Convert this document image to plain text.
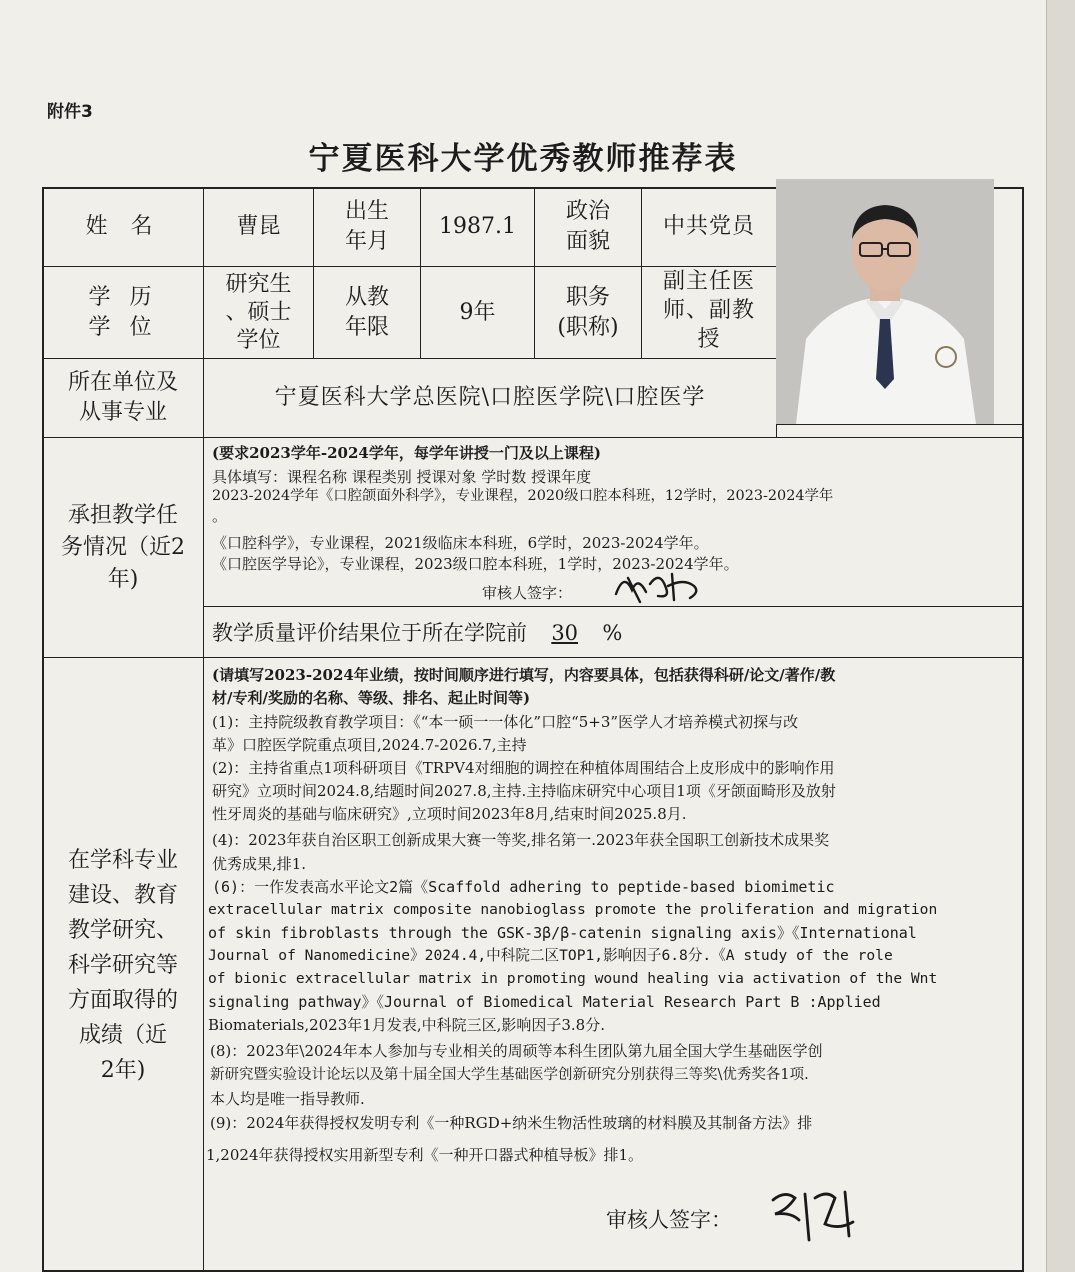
附件3
宁夏医科大学优秀教师推荐表
姓 名	曹昆
出生
年月
1987.1
政治
面貌
中共党员
学 历
学 位
研究生
、硕士
学位
从教
年限
9年
职务
(职称)
副主任医
师、副教
授
所在单位及
从事专业
宁夏医科大学总医院\口腔医学院\口腔医学
承担教学任
务情况（近2
年)
(要求2023学年-2024学年，每学年讲授一门及以上课程)
具体填写：课程名称 课程类别 授课对象 学时数 授课年度
2023-2024学年《口腔颌面外科学》，专业课程，2020级口腔本科班，12学时，2023-2024学年
。
《口腔科学》，专业课程，2021级临床本科班，6学时，2023-2024学年。
《口腔医学导论》，专业课程，2023级口腔本科班，1学时，2023-2024学年。
审核人签字：
教学质量评价结果位于所在学院前 30 %
在学科专业
建设、教育
教学研究、
科学研究等
方面取得的
成绩（近
2年)
(请填写2023-2024年业绩，按时间顺序进行填写，内容要具体，包括获得科研/论文/著作/教
材/专利/奖励的名称、等级、排名、起止时间等)
(1)：主持院级教育教学项目：《“本一硕一一体化”口腔“5+3”医学人才培养模式初探与改
革》口腔医学院重点项目,2024.7-2026.7,主持
(2)：主持省重点1项科研项目《TRPV4对细胞的调控在种植体周围结合上皮形成中的影响作用
研究》立项时间2024.8,结题时间2027.8,主持.主持临床研究中心项目1项《牙颌面畸形及放射
性牙周炎的基础与临床研究》,立项时间2023年8月,结束时间2025.8月.
(4)：2023年获自治区职工创新成果大赛一等奖,排名第一.2023年获全国职工创新技术成果奖
优秀成果,排1.
(6)：一作发表高水平论文2篇《Scaffold adhering to peptide-based biomimetic
extracellular matrix composite nanobioglass promote the proliferation and migration
of skin fibroblasts through the GSK-3β/β-catenin signaling axis》《International
Journal of Nanomedicine》2024.4,中科院二区TOP1,影响因子6.8分.《A study of the role
of bionic extracellular matrix in promoting wound healing via activation of the Wnt
signaling pathway》《Journal of Biomedical Material Research Part B :Applied
Biomaterials,2023年1月发表,中科院三区,影响因子3.8分.
(8)：2023年\2024年本人参加与专业相关的周硕等本科生团队第九届全国大学生基础医学创
新研究暨实验设计论坛以及第十届全国大学生基础医学创新研究分别获得三等奖\优秀奖各1项.
本人均是唯一指导教师.
(9)：2024年获得授权发明专利《一种RGD+纳米生物活性玻璃的材料膜及其制备方法》排
1,2024年获得授权实用新型专利《一种开口器式种植导板》排1。
审核人签字：
